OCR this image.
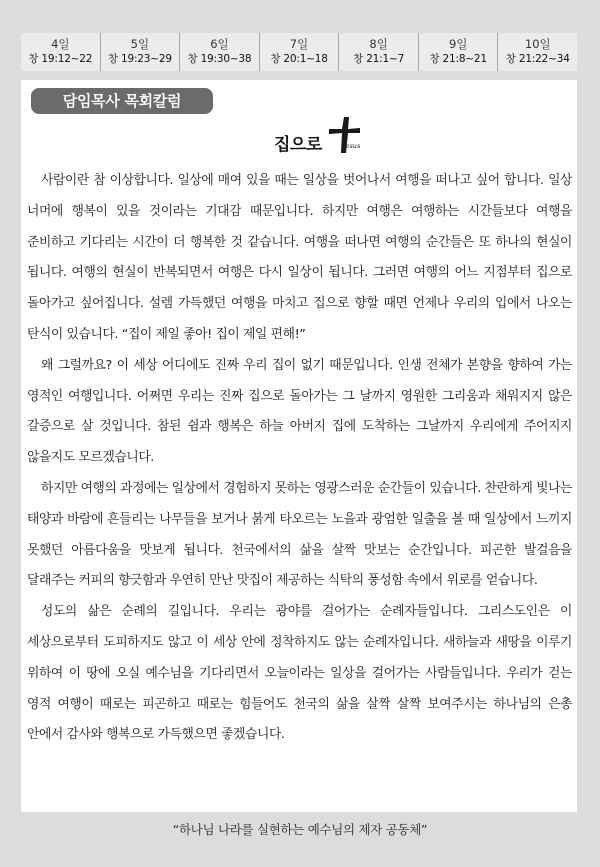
4일
창 19:12~22
5일
창 19:23~29
6일
창 19:30~38
7일
창 20:1~18
8일
창 21:1~7
9일
창 21:8~21
10일
창 21:22~34
담임목사 목회칼럼
집으로	Jesus

사람이란 참 이상합니다. 일상에 매여 있을 때는 일상을 벗어나서 여행을 떠나고 싶어 합니다. 일상 너머에 행복이 있을 것이라는 기대감 때문입니다. 하지만 여행은 여행하는 시간들보다 여행을 준비하고 기다리는 시간이 더 행복한 것 같습니다. 여행을 떠나면 여행의 순간들은 또 하나의 현실이 됩니다. 여행의 현실이 반복되면서 여행은 다시 일상이 됩니다. 그러면 여행의 어느 지점부터 집으로 돌아가고 싶어집니다. 설렘 가득했던 여행을 마치고 집으로 향할 때면 언제나 우리의 입에서 나오는 탄식이 있습니다. “집이 제일 좋아! 집이 제일 편해!”

왜 그럴까요? 이 세상 어디에도 진짜 우리 집이 없기 때문입니다. 인생 전체가 본향을 향하여 가는 영적인 여행입니다. 어쩌면 우리는 진짜 집으로 돌아가는 그 날까지 영원한 그리움과 채워지지 않은 갈증으로 살 것입니다. 참된 쉼과 행복은 하늘 아버지 집에 도착하는 그날까지 우리에게 주어지지 않을지도 모르겠습니다.

하지만 여행의 과정에는 일상에서 경험하지 못하는 영광스러운 순간들이 있습니다. 찬란하게 빛나는 태양과 바람에 흔들리는 나무들을 보거나 붉게 타오르는 노을과 광엄한 일출을 볼 때 일상에서 느끼지 못했던 아름다움을 맛보게 됩니다. 천국에서의 삶을 살짝 맛보는 순간입니다. 피곤한 발걸음을 달래주는 커피의 향긋함과 우연히 만난 맛집이 제공하는 식탁의 풍성함 속에서 위로를 얻습니다.

성도의 삶은 순례의 길입니다. 우리는 광야를 걸어가는 순례자들입니다. 그리스도인은 이 세상으로부터 도피하지도 않고 이 세상 안에 정착하지도 않는 순례자입니다. 새하늘과 새땅을 이루기 위하여 이 땅에 오실 예수님을 기다리면서 오늘이라는 일상을 걸어가는 사람들입니다. 우리가 걷는 영적 여행이 때로는 피곤하고 때로는 힘들어도 천국의 삶을 살짝 살짝 보여주시는 하나님의 은총 안에서 감사와 행복으로 가득했으면 좋겠습니다.

“하나님 나라를 실현하는 예수님의 제자 공동체”
